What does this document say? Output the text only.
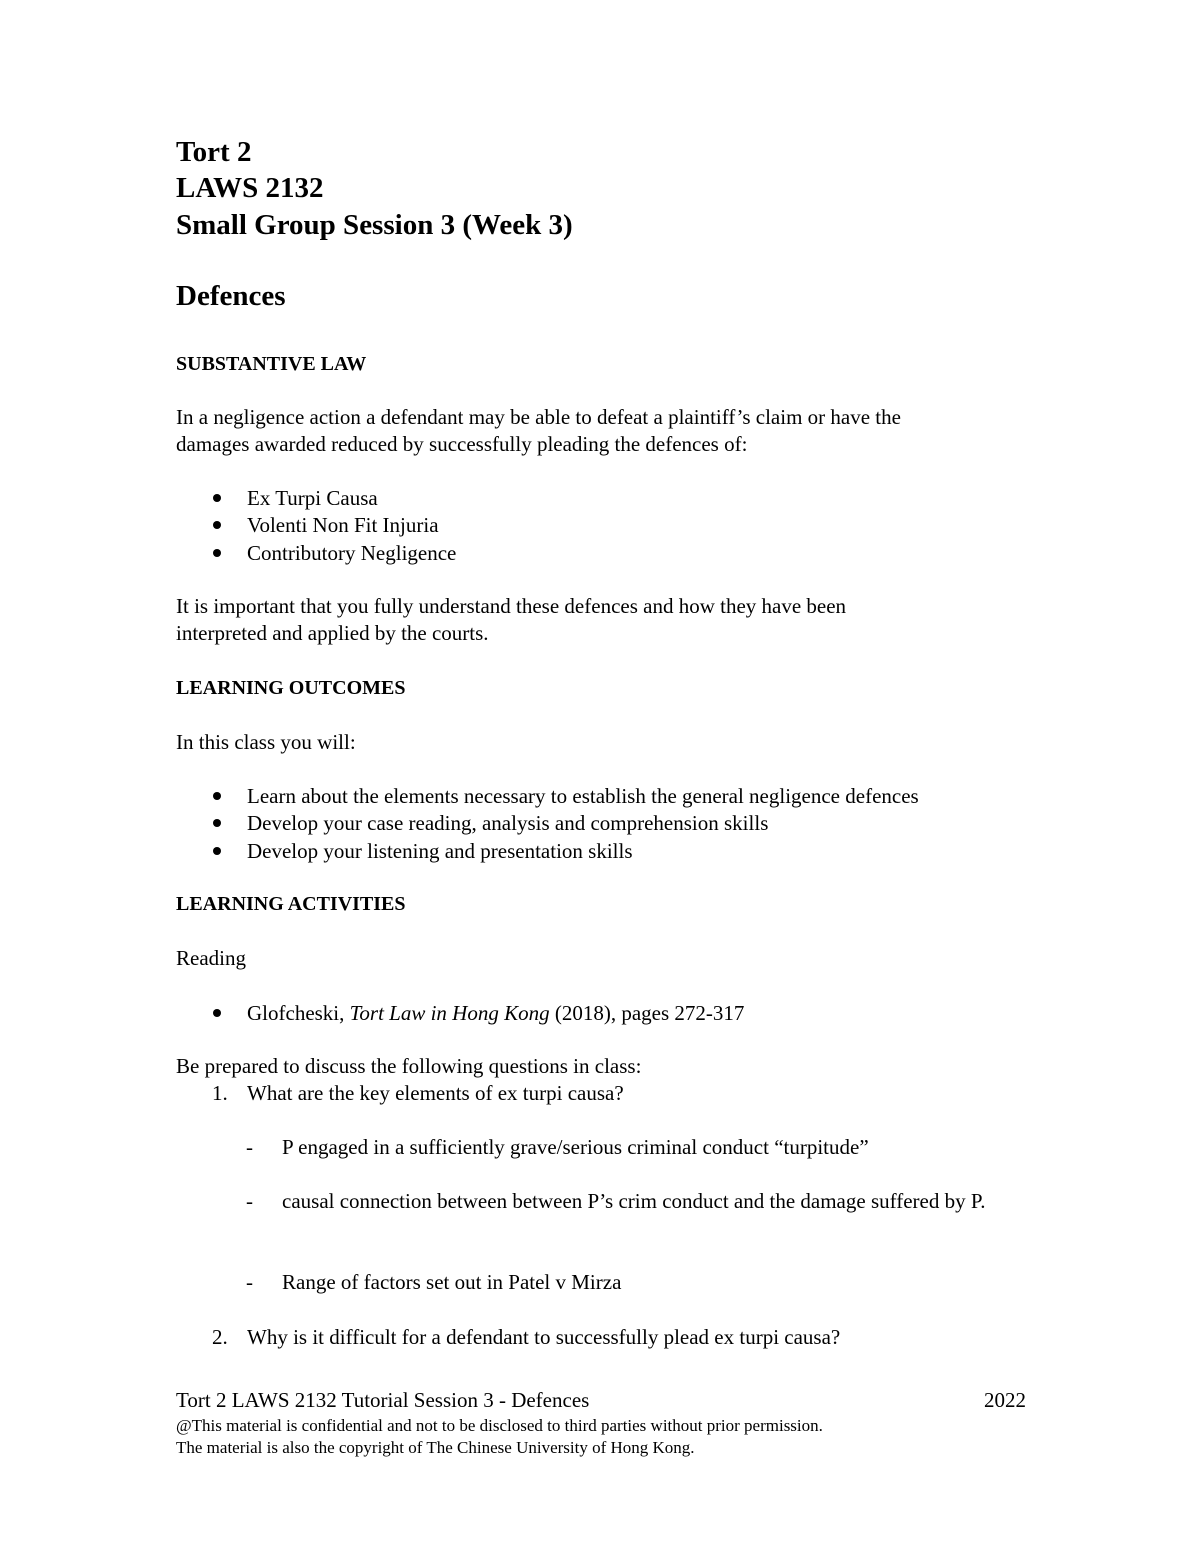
Tort 2
LAWS 2132
Small Group Session 3 (Week 3)
Defences
SUBSTANTIVE LAW
In a negligence action a defendant may be able to defeat a plaintiff’s claim or have the
damages awarded reduced by successfully pleading the defences of:
Ex Turpi Causa
Volenti Non Fit Injuria
Contributory Negligence
It is important that you fully understand these defences and how they have been
interpreted and applied by the courts.
LEARNING OUTCOMES
In this class you will:
Learn about the elements necessary to establish the general negligence defences
Develop your case reading, analysis and comprehension skills
Develop your listening and presentation skills
LEARNING ACTIVITIES
Reading
Glofcheski, Tort Law in Hong Kong (2018), pages 272-317
Be prepared to discuss the following questions in class:
1. What are the key elements of ex turpi causa?
- P engaged in a sufficiently grave/serious criminal conduct “turpitude”
- causal connection between between P’s crim conduct and the damage suffered by P.
- Range of factors set out in Patel v Mirza
2. Why is it difficult for a defendant to successfully plead ex turpi causa?
Tort 2 LAWS 2132 Tutorial Session 3 - Defences	2022
@This material is confidential and not to be disclosed to third parties without prior permission.
The material is also the copyright of The Chinese University of Hong Kong.
